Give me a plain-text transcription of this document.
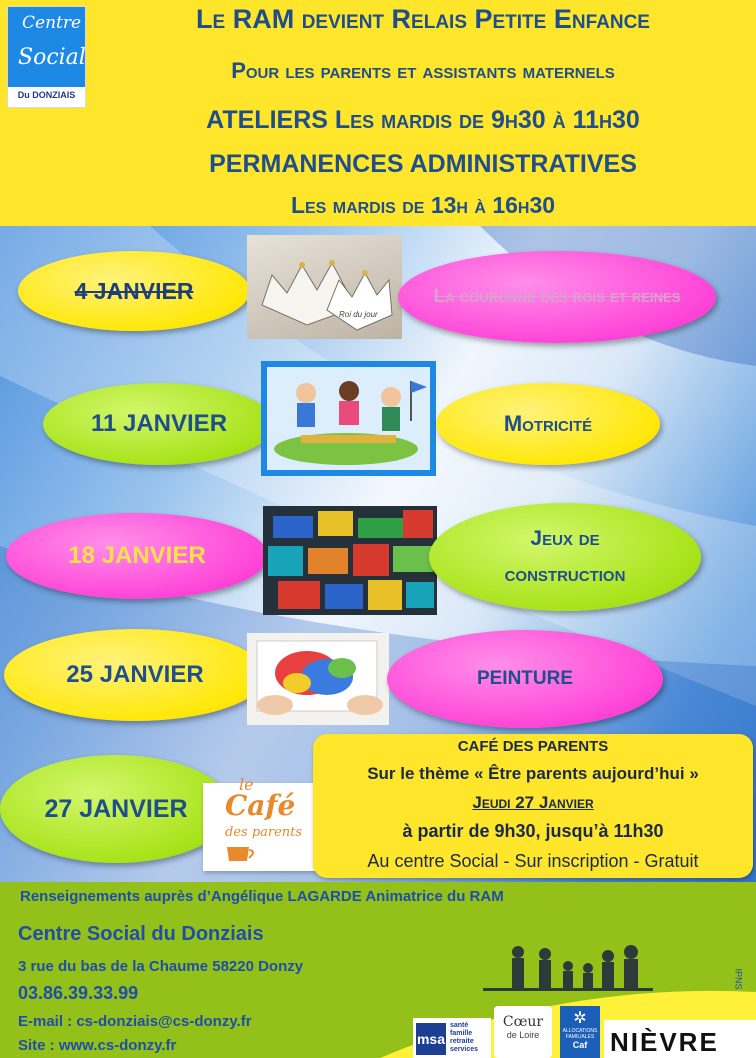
Centre
Social
Du DONZIAIS
Le RAM devient Relais Petite Enfance
Pour les parents et assistants maternels
ATELIERS Les mardis de 9h30 à 11h30
PERMANENCES ADMINISTRATIVES
Les mardis de 13h à 16h30
4 JANVIER
Roi du jour
La couronne des rois et reines
11 JANVIER	Motricité
18 JANVIER
Jeux de
construction
25 JANVIER	PEINTURE
27 JANVIER
le
Café
des parents
CAFÉ DES PARENTS
Sur le thème « Être parents aujourd’hui »
Jeudi 27 Janvier
à partir de 9h30, jusqu’à 11h30
Au centre Social - Sur inscription - Gratuit
Renseignements auprès d’Angélique LAGARDE Animatrice du RAM
Centre Social du Donziais
3 rue du bas de la Chaume 58220 Donzy
03.86.39.33.99
E-mail : cs-donziais@cs-donzy.fr
Site : www.cs-donzy.fr
IPNS
msa
santé
famille
retraite
services
Cœur
de Loire
✲
ALLOCATIONS
FAMILIALES
Caf NIÈVRE
